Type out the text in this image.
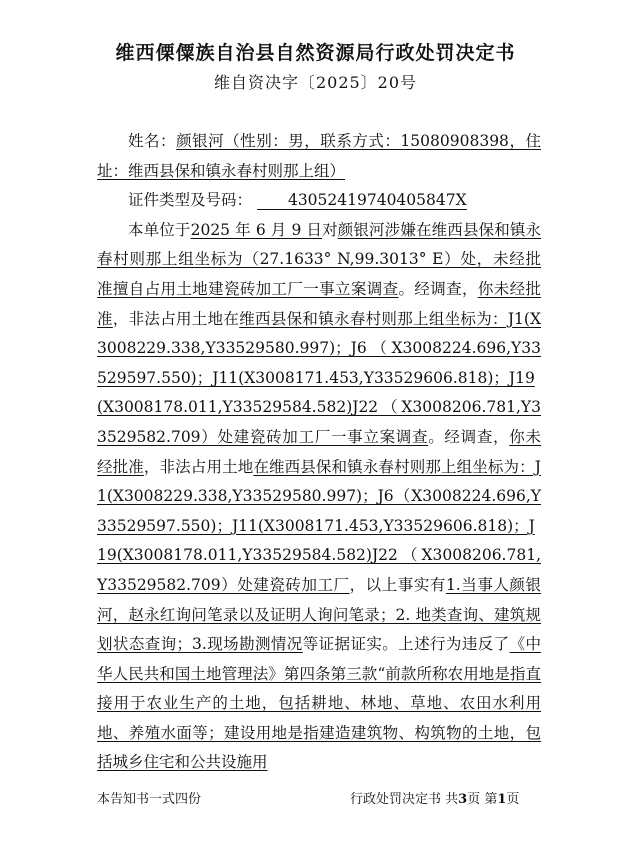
维西傈僳族自治县自然资源局行政处罚决定书
维自资决字〔2025〕20号

姓名：颜银河（性别：男，联系方式：15080908398，住址：维西县保和镇永春村则那上组）

证件类型及号码： 43052419740405847X

本单位于2025 年 6 月 9 日对颜银河涉嫌在维西县保和镇永春村则那上组坐标为（27.1633° N,99.3013° E）处，未经批准擅自占用土地建瓷砖加工厂一事立案调查。经调查，你未经批准，非法占用土地在维西县保和镇永春村则那上组坐标为：J1(X3008229.338,Y33529580.997)；J6（X3008224.696,Y33529597.550)；J11(X3008171.453,Y33529606.818)；J19(X3008178.011,Y33529584.582)J22（X3008206.781,Y33529582.709）处建瓷砖加工厂一事立案调查。经调查，你未经批准，非法占用土地在维西县保和镇永春村则那上组坐标为：J1(X3008229.338,Y33529580.997)；J6（X3008224.696,Y33529597.550)；J11(X3008171.453,Y33529606.818)；J19(X3008178.011,Y33529584.582)J22（X3008206.781,Y33529582.709）处建瓷砖加工厂，以上事实有1.当事人颜银河，赵永红询问笔录以及证明人询问笔录；2. 地类查询、建筑规划状态查询；3.现场勘测情况等证据证实。上述行为违反了《中华人民共和国土地管理法》第四条第三款“前款所称农用地是指直接用于农业生产的土地，包括耕地、林地、草地、农田水利用地、养殖水面等；建设用地是指建造建筑物、构筑物的土地，包括城乡住宅和公共设施用

本告知书一式四份	行政处罚决定书 共3页 第1页
